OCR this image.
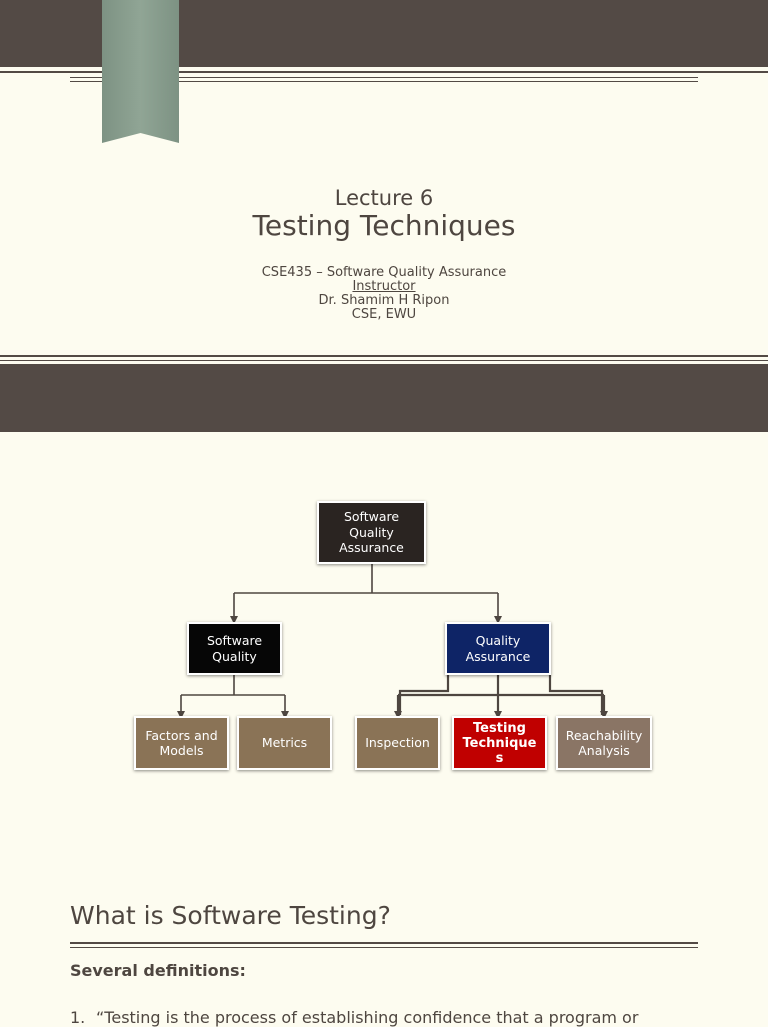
Lecture 6
Testing Techniques
CSE435 – Software Quality Assurance
Instructor
Dr. Shamim H Ripon
CSE, EWU
Software Quality Assurance
Software Quality
Quality Assurance
Factors and Models
Metrics	Inspection
Testing Technique s
Reachability Analysis
What is Software Testing?
Several definitions:
1. “Testing is the process of establishing confidence that a program or
